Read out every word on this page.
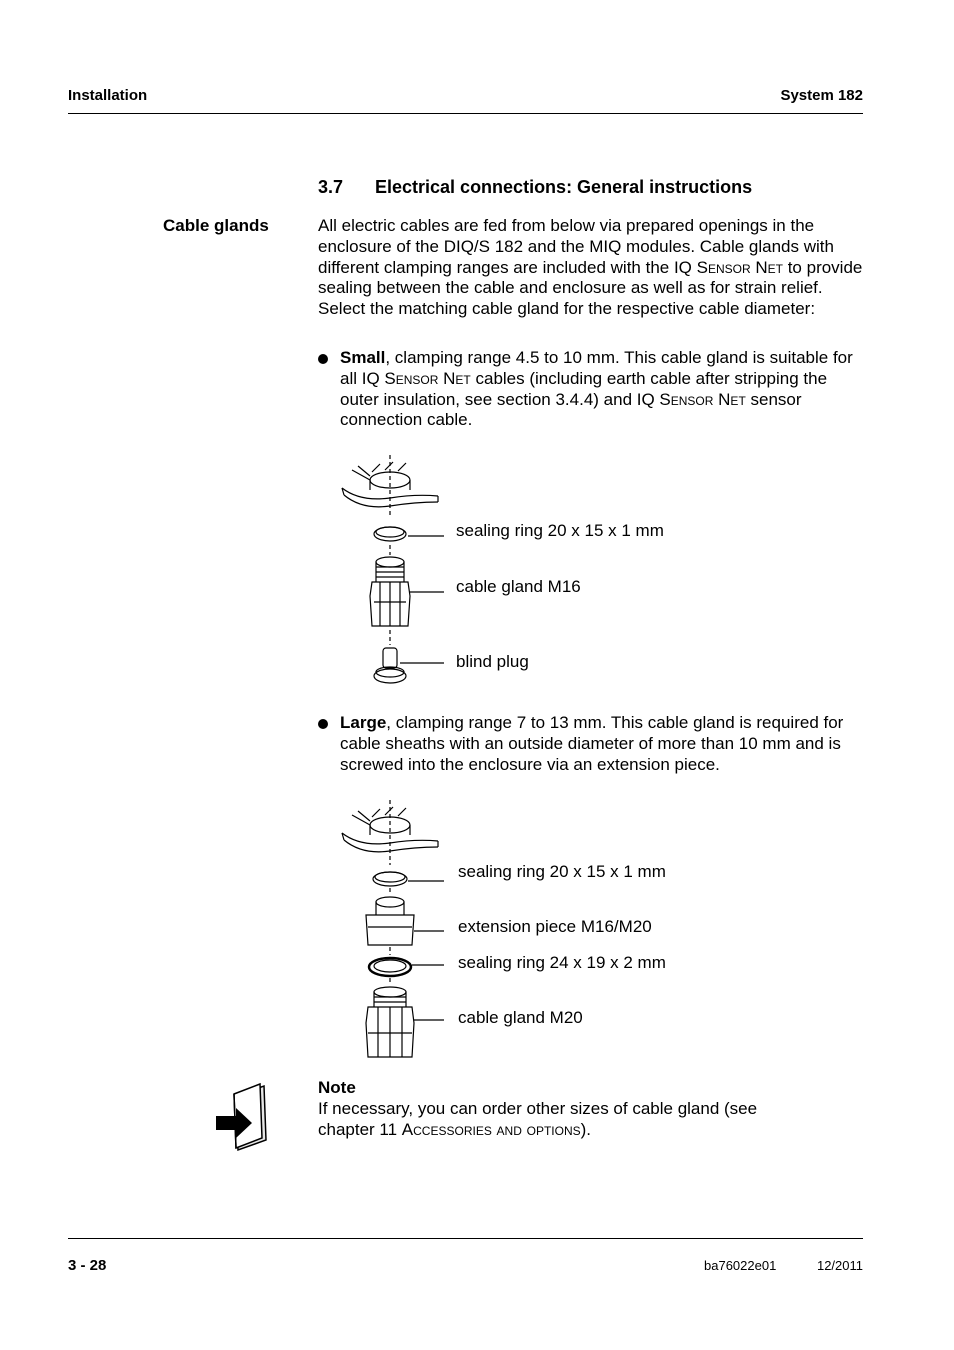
Installation	System 182
3.7 Electrical connections: General instructions
Cable glands	All electric cables are fed from below via prepared openings in the enclosure of the DIQ/S 182 and the MIQ modules. Cable glands with different clamping ranges are included with the IQ Sensor Net to provide sealing between the cable and enclosure as well as for strain relief. Select the matching cable gland for the respective cable diameter:
Small, clamping range 4.5 to 10 mm. This cable gland is suitable for all IQ Sensor Net cables (including earth cable after stripping the outer insulation, see section 3.4.4) and IQ Sensor Net sensor connection cable.
sealing ring 20 x 15 x 1 mm
cable gland M16
blind plug
Large, clamping range 7 to 13 mm. This cable gland is required for cable sheaths with an outside diameter of more than 10 mm and is screwed into the enclosure via an extension piece.
sealing ring 20 x 15 x 1 mm
extension piece M16/M20
sealing ring 24 x 19 x 2 mm
cable gland M20
Note
If necessary, you can order other sizes of cable gland (see chapter 11 Accessories and options).
3 - 28	ba76022e01	12/2011
